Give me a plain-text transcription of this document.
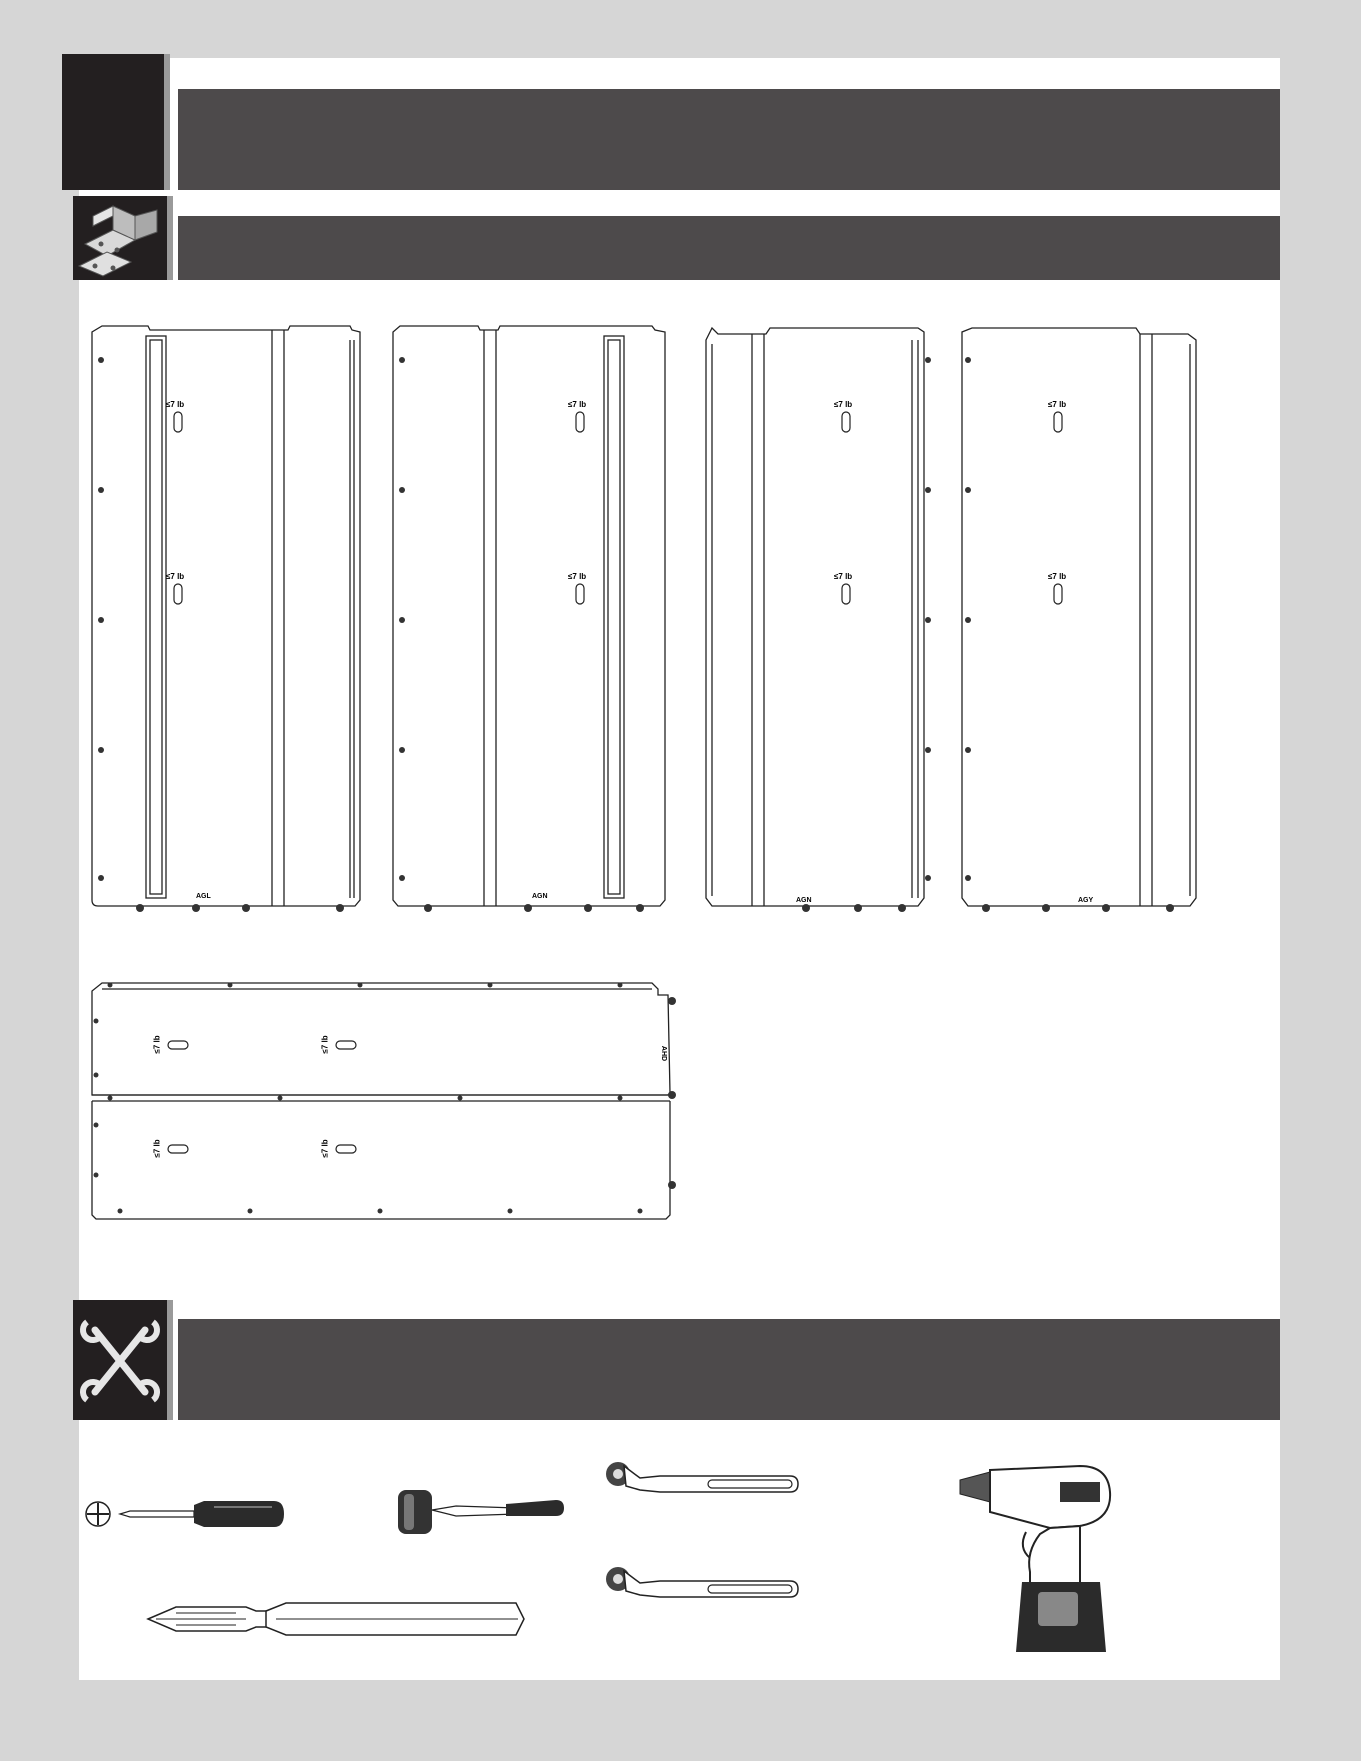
≤7 lb
≤7 lb
AGL
≤7 lb
≤7 lb
AGN
≤7 lb
≤7 lb
AGN
≤7 lb
≤7 lb
AGY
≤7 lb	≤7 lb
≤7 lb	≤7 lb
AHD
